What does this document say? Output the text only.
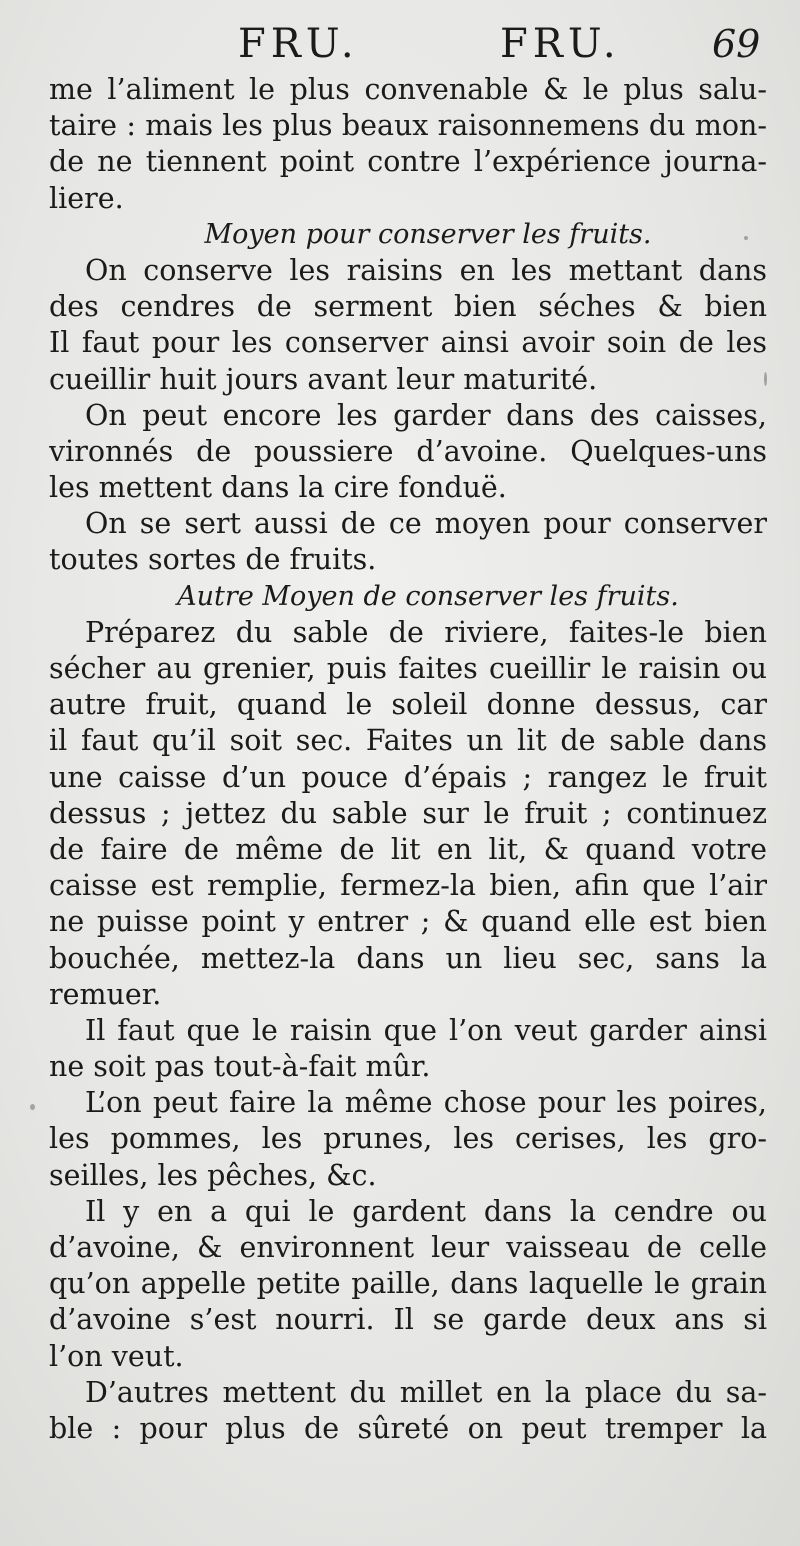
FRU.	FRU. 69
me l’aliment le plus convenable & le plus salu-
taire : mais les plus beaux raisonnemens du mon-
de ne tiennent point contre l’expérience journa-
liere.
Moyen pour conserver les fruits.
On conserve les raisins en les mettant dans
des cendres de serment bien séches & bien
Il faut pour les conserver ainsi avoir soin de les
cueillir huit jours avant leur maturité.
On peut encore les garder dans des caisses,
vironnés de poussiere d’avoine. Quelques-uns
les mettent dans la cire fonduë.
On se sert aussi de ce moyen pour conserver
toutes sortes de fruits.
Autre Moyen de conserver les fruits.
Préparez du sable de riviere, faites-le bien
sécher au grenier, puis faites cueillir le raisin ou
autre fruit, quand le soleil donne dessus, car
il faut qu’il soit sec. Faites un lit de sable dans
une caisse d’un pouce d’épais ; rangez le fruit
dessus ; jettez du sable sur le fruit ; continuez
de faire de même de lit en lit, & quand votre
caisse est remplie, fermez-la bien, afin que l’air
ne puisse point y entrer ; & quand elle est bien
bouchée, mettez-la dans un lieu sec, sans la
remuer.
Il faut que le raisin que l’on veut garder ainsi
ne soit pas tout-à-fait mûr.
L’on peut faire la même chose pour les poires,
les pommes, les prunes, les cerises, les gro-
seilles, les pêches, &c.
Il y en a qui le gardent dans la cendre ou
d’avoine, & environnent leur vaisseau de celle
qu’on appelle petite paille, dans laquelle le grain
d’avoine s’est nourri. Il se garde deux ans si
l’on veut.
D’autres mettent du millet en la place du sa-
ble : pour plus de sûreté on peut tremper la
